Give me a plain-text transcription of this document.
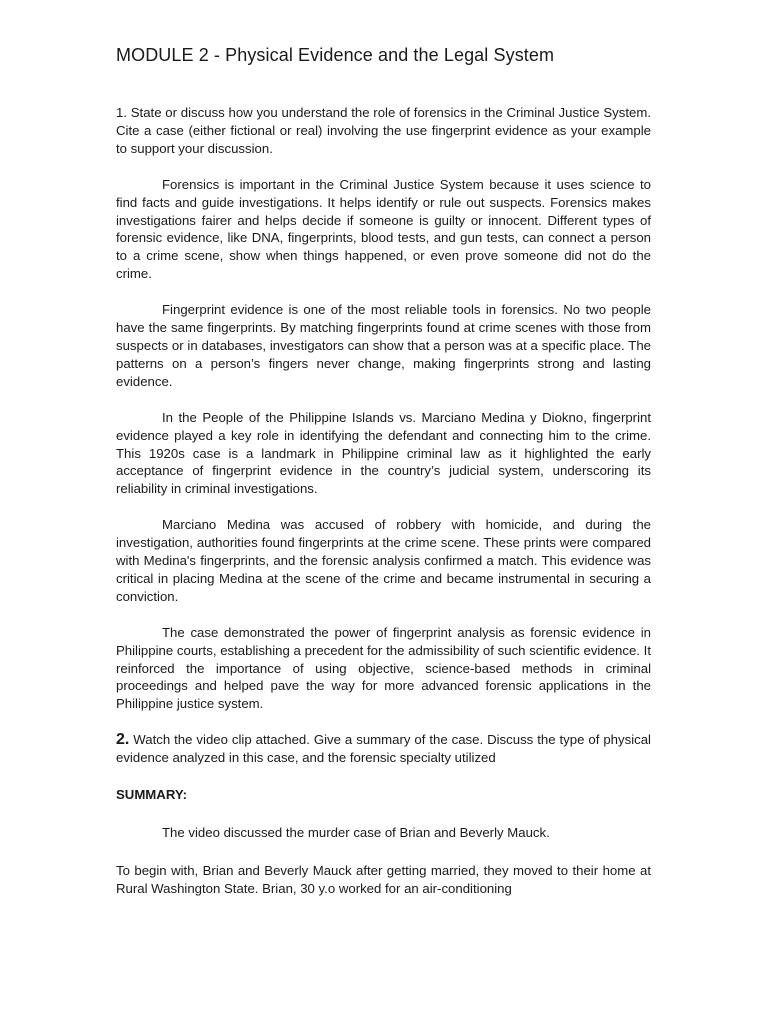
MODULE 2 - Physical Evidence and the Legal System

1. State or discuss how you understand the role of forensics in the Criminal Justice System. Cite a case (either fictional or real) involving the use fingerprint evidence as your example to support your discussion.

Forensics is important in the Criminal Justice System because it uses science to find facts and guide investigations. It helps identify or rule out suspects. Forensics makes investigations fairer and helps decide if someone is guilty or innocent. Different types of forensic evidence, like DNA, fingerprints, blood tests, and gun tests, can connect a person to a crime scene, show when things happened, or even prove someone did not do the crime.

Fingerprint evidence is one of the most reliable tools in forensics. No two people have the same fingerprints. By matching fingerprints found at crime scenes with those from suspects or in databases, investigators can show that a person was at a specific place. The patterns on a person’s fingers never change, making fingerprints strong and lasting evidence.

In the People of the Philippine Islands vs. Marciano Medina y Diokno, fingerprint evidence played a key role in identifying the defendant and connecting him to the crime. This 1920s case is a landmark in Philippine criminal law as it highlighted the early acceptance of fingerprint evidence in the country’s judicial system, underscoring its reliability in criminal investigations.

Marciano Medina was accused of robbery with homicide, and during the investigation, authorities found fingerprints at the crime scene. These prints were compared with Medina's fingerprints, and the forensic analysis confirmed a match. This evidence was critical in placing Medina at the scene of the crime and became instrumental in securing a conviction.

The case demonstrated the power of fingerprint analysis as forensic evidence in Philippine courts, establishing a precedent for the admissibility of such scientific evidence. It reinforced the importance of using objective, science-based methods in criminal proceedings and helped pave the way for more advanced forensic applications in the Philippine justice system.

2. Watch the video clip attached. Give a summary of the case. Discuss the type of physical evidence analyzed in this case, and the forensic specialty utilized

SUMMARY:

The video discussed the murder case of Brian and Beverly Mauck.

To begin with, Brian and Beverly Mauck after getting married, they moved to their home at Rural Washington State. Brian, 30 y.o worked for an air-conditioning
